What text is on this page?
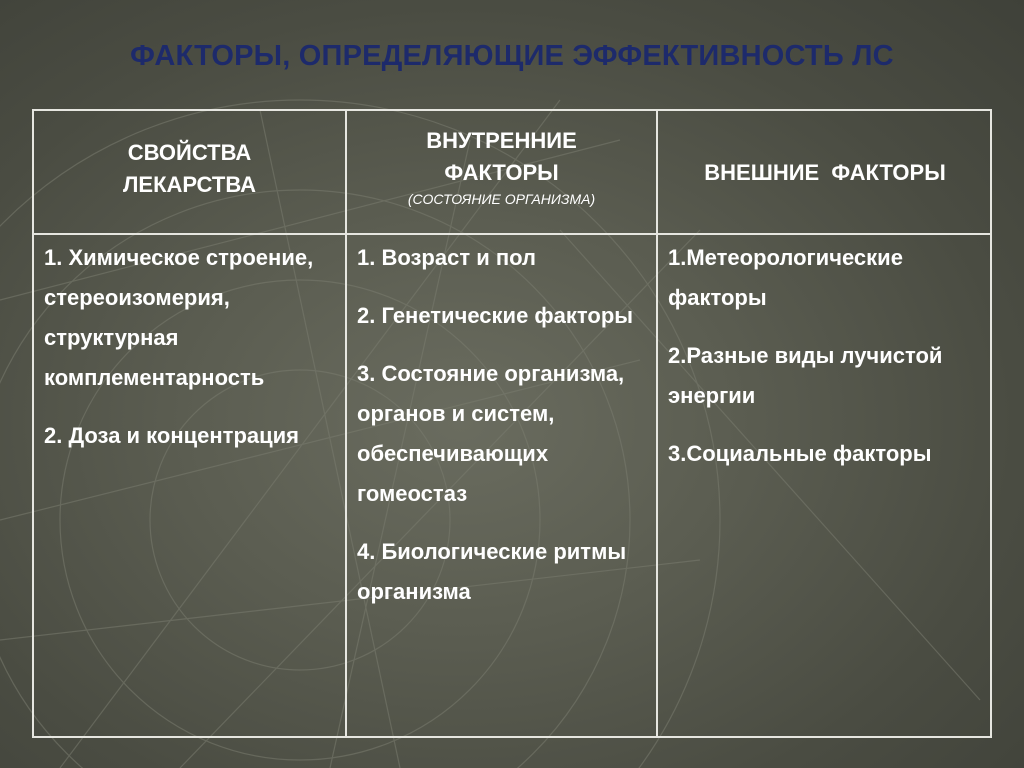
ФАКТОРЫ, ОПРЕДЕЛЯЮЩИЕ ЭФФЕКТИВНОСТЬ ЛС
СВОЙСТВА
ЛЕКАРСТВА
ВНУТРЕННИЕ
ФАКТОРЫ
(СОСТОЯНИЕ ОРГАНИЗМА)
ВНЕШНИЕ  ФАКТОРЫ
1. Химическое строение, стереоизомерия, структурная комплементарность
2. Доза и концентрация
1. Возраст и пол
2. Генетические факторы
3. Состояние организма, органов и систем, обеспечивающих гомеостаз
4. Биологические ритмы организма
1.Метеорологические факторы
2.Разные виды лучистой энергии
3.Социальные факторы
